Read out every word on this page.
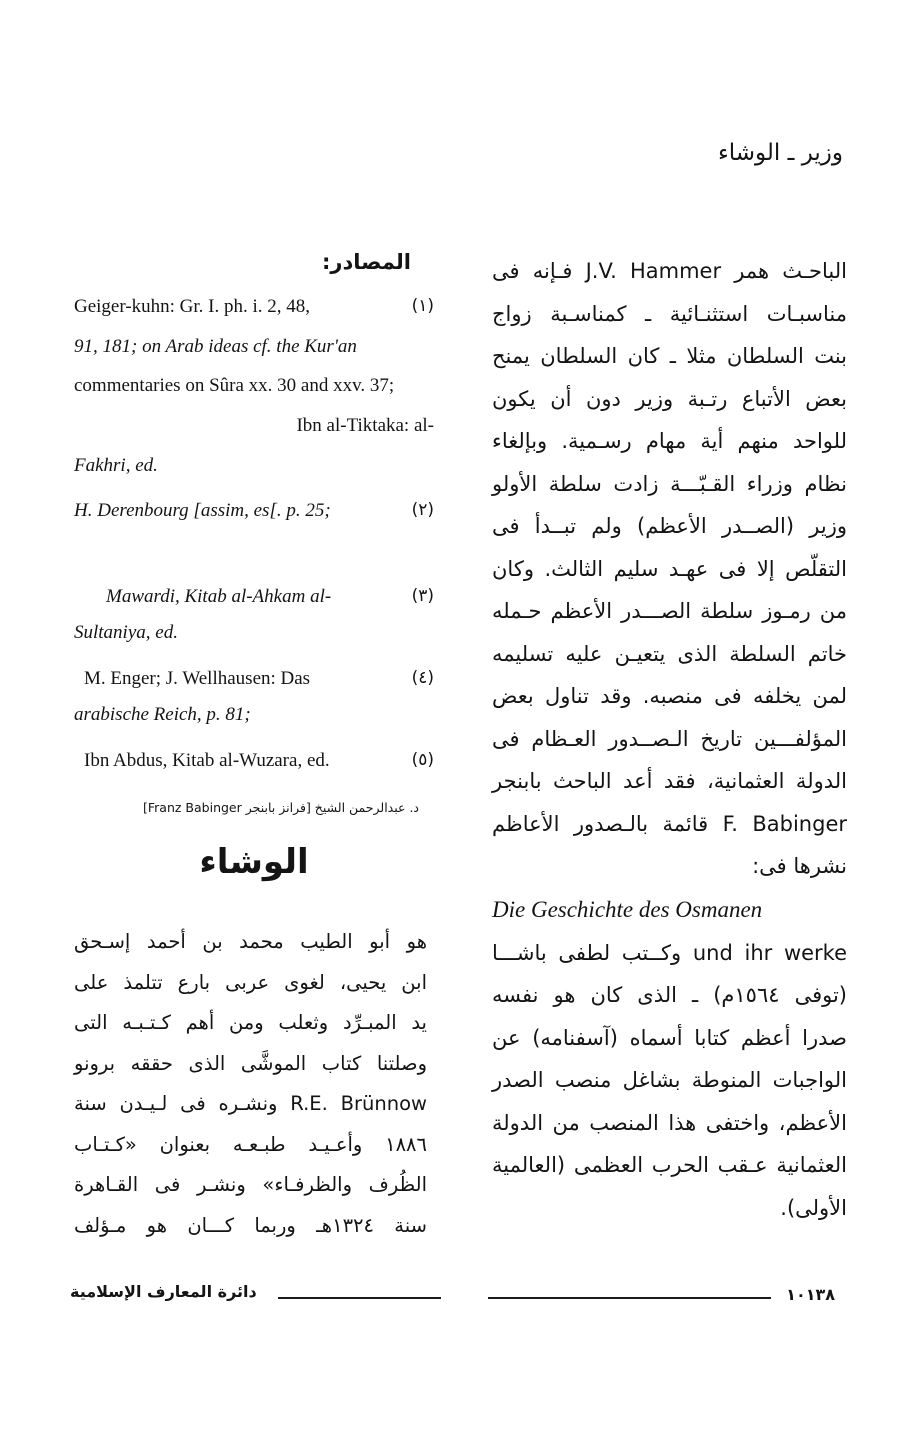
وزير ـ الوشاء
الباحـث همر J.V. Hammer فـإنه فى
مناسبـات استثنـائية ـ كمناسـبة زواج
بنت السلطان مثلا ـ كان السلطان يمنح
بعض الأتباع رتـبة وزير دون أن يكون
للواحد منهم أية مهام رسـمية. وبإلغاء
نظام وزراء القـبّـــة زادت سلطة الأولو
وزير (الصــدر الأعظم) ولم تبــدأ فى
التقلّص إلا فى عهـد سليم الثالث. وكان
من رمـوز سلطة الصـــدر الأعظم حـمله
خاتم السلطة الذى يتعيـن عليه تسليمه
لمن يخلفه فى منصبه. وقد تناول بعض
المؤلفـــين تاريخ الـصــدور العـظام فى
الدولة العثمانية، فقد أعد الباحث بابنجر
F. Babinger قائمة بالـصدور الأعاظم
نشرها فى:
Die Geschichte des Osmanen
und ihr werke وكــتب لطفى باشـــا
(توفى ١٥٦٤م) ـ الذى كان هو نفسه
صدرا أعظم كتابا أسماه (آسفنامه) عن
الواجبات المنوطة بشاغل منصب الصدر
الأعظم، واختفى هذا المنصب من الدولة
العثمانية عـقب الحرب العظمى (العالمية
الأولى).
المصادر:
(١)
Geiger-kuhn: Gr. I. ph. i. 2, 48,
91, 181; on Arab ideas cf. the Kur'an
commentaries on Sûra xx. 30 and xxv. 37;
Ibn al-Tiktaka: al-
Fakhri, ed.
(٢)
H. Derenbourg [assim, es[. p. 25;
(٣)
Mawardi, Kitab al-Ahkam al-
Sultaniya, ed.
(٤)
M. Enger; J. Wellhausen: Das
arabische Reich, p. 81;
(٥)
Ibn Abdus, Kitab al-Wuzara, ed.
د. عبدالرحمن الشيخ [فرانز بابنجر Franz Babinger]
الوشاء
هو أبو الطيب محمد بن أحمد إسـحق
ابن يحيى، لغوى عربى بارع تتلمذ على
يد المبـرِّد وثعلب ومن أهم كـتـبـه التى
وصلتنا كتاب الموشَّى الذى حققه برونو
R.E. Brünnow ونشـره فى لـيـدن سنة
١٨٨٦ وأعـيـد طبـعـه بعنوان «كـتـاب
الظُرف والظرفـاء» ونشـر فى القـاهرة
سنة ١٣٢٤هـ وربما كـــان هو مـؤلف
دائرة المعارف الإسلامية	١٠١٣٨
